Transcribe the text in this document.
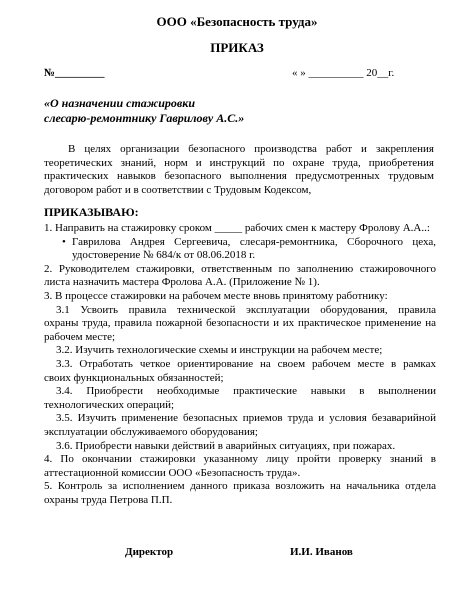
ООО «Безопасность труда»
ПРИКАЗ
№_________	« » __________ 20__г.
«О назначении стажировки
слесарю-ремонтнику Гаврилову А.С.»
В целях организации безопасного производства работ и закрепления
теоретических знаний, норм и инструкций по охране труда, приобретения
практических навыков безопасного выполнения предусмотренных трудовым
договором работ и в соответствии с Трудовым Кодексом,
ПРИКАЗЫВАЮ:
1. Направить на стажировку сроком _____ рабочих смен к мастеру Фролову А.А..:
• Гаврилова Андрея Сергеевича, слесаря-ремонтника, Сборочного цеха,
удостоверение № 684/к от 08.06.2018 г.
2. Руководителем стажировки, ответственным по заполнению стажировочного
листа назначить мастера Фролова А.А. (Приложение № 1).
3. В процессе стажировки на рабочем месте вновь принятому работнику:
3.1 Усвоить правила технической эксплуатации оборудования, правила
охраны труда, правила пожарной безопасности и их практическое применение на
рабочем месте;
3.2. Изучить технологические схемы и инструкции на рабочем месте;
3.3. Отработать четкое ориентирование на своем рабочем месте в рамках
своих функциональных обязанностей;
3.4. Приобрести необходимые практические навыки в выполнении
технологических операций;
3.5. Изучить применение безопасных приемов труда и условия безаварийной
эксплуатации обслуживаемого оборудования;
3.6. Приобрести навыки действий в аварийных ситуациях, при пожарах.
4. По окончании стажировки указанному лицу пройти проверку знаний в
аттестационной комиссии ООО «Безопасность труда».
5. Контроль за исполнением данного приказа возложить на начальника отдела
охраны труда Петрова П.П.
Директор	И.И. Иванов
